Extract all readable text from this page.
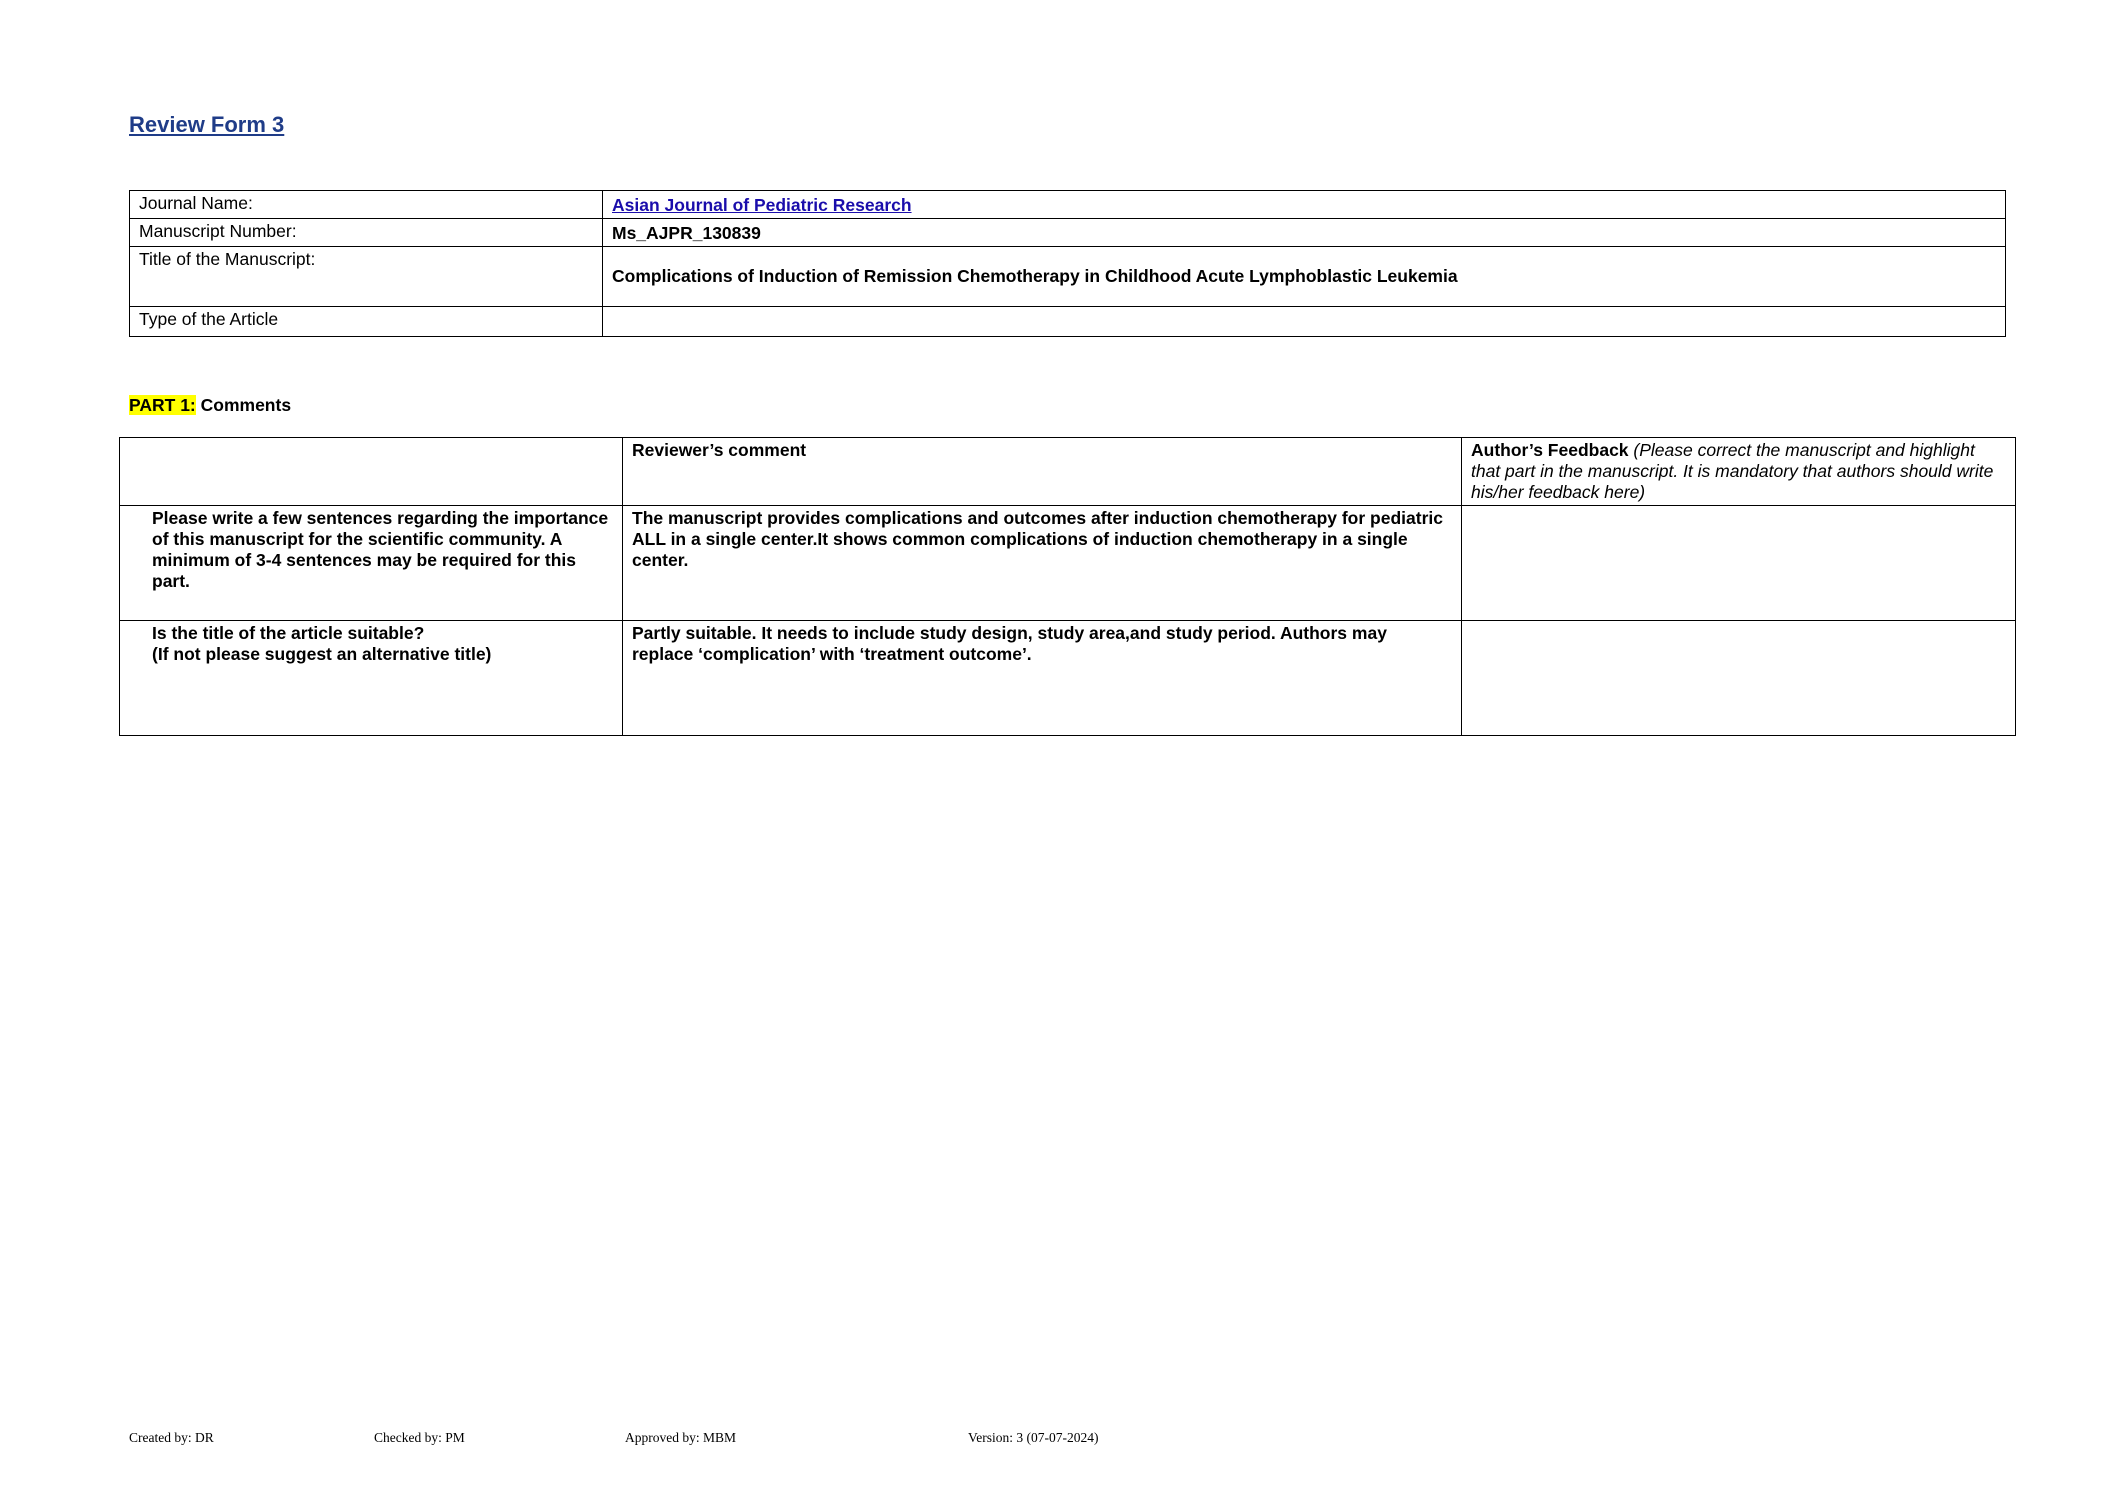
Review Form 3
Journal Name:	Asian Journal of Pediatric Research
Manuscript Number:	Ms_AJPR_130839
Title of the Manuscript:	Complications of Induction of Remission Chemotherapy in Childhood Acute Lymphoblastic Leukemia
Type of the Article	

PART 1: Comments

	Reviewer’s comment	Author’s Feedback (Please correct the manuscript and highlight that part in the manuscript. It is mandatory that authors should write his/her feedback here)

Please write a few sentences regarding the importance of this manuscript for the scientific community. A minimum of 3-4 sentences may be required for this part.	The manuscript provides complications and outcomes after induction chemotherapy for pediatric ALL in a single center.It shows common complications of induction chemotherapy in a single center.	

Is the title of the article suitable?
(If not please suggest an alternative title)	Partly suitable. It needs to include study design, study area,and study period. Authors may replace ‘complication’ with ‘treatment outcome’.	

Created by: DR	Checked by: PM	Approved by: MBM	Version: 3 (07-07-2024)
